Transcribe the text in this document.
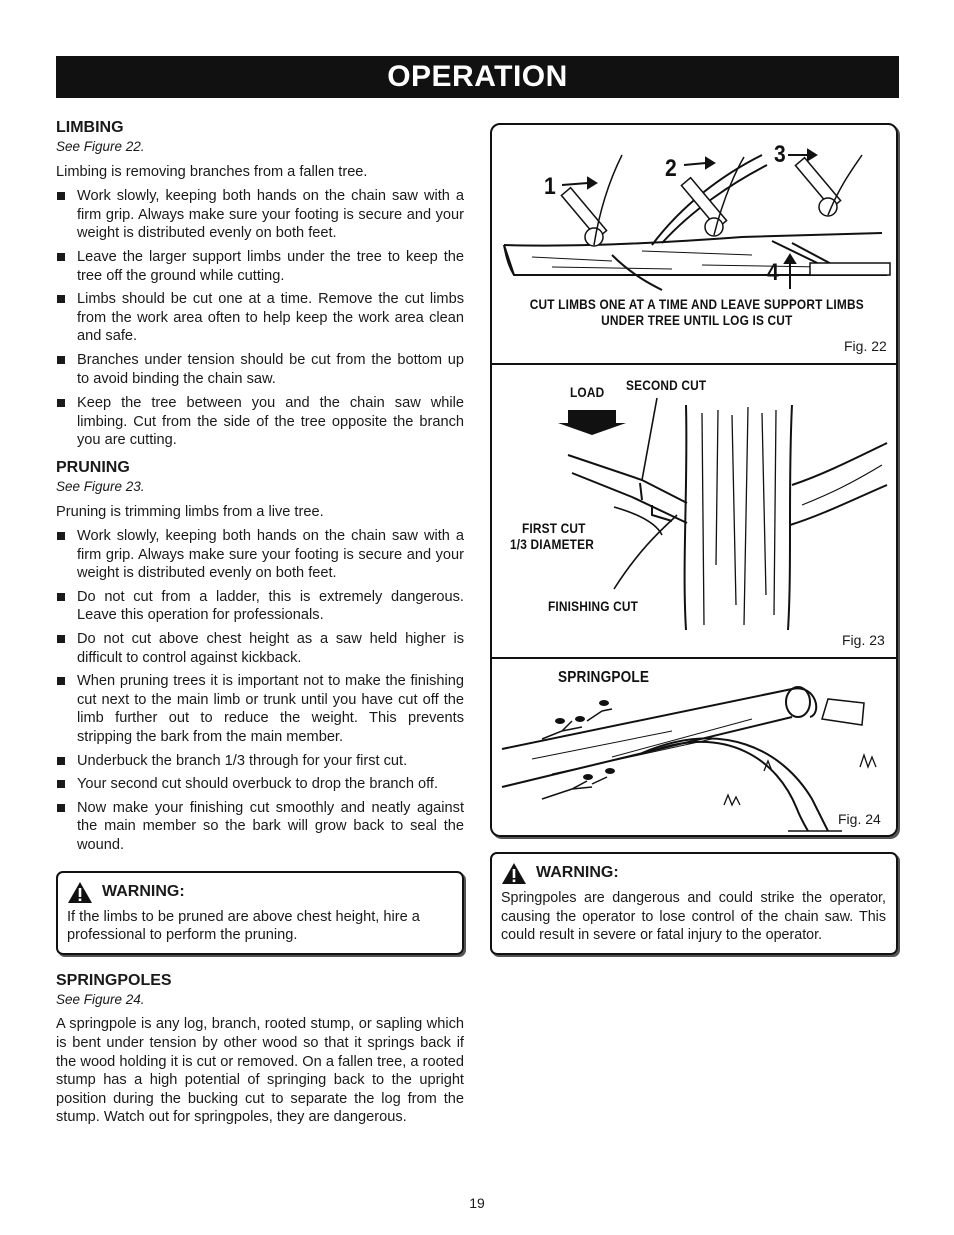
OPERATION
LIMBING
See Figure 22.

Limbing is removing branches from a fallen tree.

Work slowly, keeping both hands on the chain saw with a firm grip. Always make sure your footing is secure and your weight is distributed evenly on both feet.
Leave the larger support limbs under the tree to keep the tree off the ground while cutting.
Limbs should be cut one at a time. Remove the cut limbs from the work area often to help keep the work area clean and safe.
Branches under tension should be cut from the bottom up to avoid binding the chain saw.
Keep the tree between you and the chain saw while limbing. Cut from the side of the tree opposite the branch you are cutting.
PRUNING
See Figure 23.

Pruning is trimming limbs from a live tree.

Work slowly, keeping both hands on the chain saw with a firm grip. Always make sure your footing is secure and your weight is distributed evenly on both feet.
Do not cut from a ladder, this is extremely dangerous. Leave this operation for professionals.
Do not cut above chest height as a saw held higher is difficult to control against kickback.
When pruning trees it is important not to make the finishing cut next to the main limb or trunk until you have cut off the limb further out to reduce the weight. This prevents stripping the bark from the main member.
Underbuck the branch 1/3 through for your first cut.
Your second cut should overbuck to drop the branch off.
Now make your finishing cut smoothly and neatly against the main member so the bark will grow back to seal the wound.
WARNING:

If the limbs to be pruned are above chest height, hire a professional to perform the pruning.

SPRINGPOLES
See Figure 24.

A springpole is any log, branch, rooted stump, or sapling which is bent under tension by other wood so that it springs back if the wood holding it is cut or removed. On a fallen tree, a rooted stump has a high potential of springing back to the upright position during the bucking cut to separate the log from the stump. Watch out for springpoles, they are dangerous.

1
2
3
4
CUT LIMBS ONE AT A TIME AND LEAVE SUPPORT LIMBS UNDER TREE UNTIL LOG IS CUT
Fig. 22
LOAD SECOND CUT
FIRST CUT
1/3 DIAMETER
FINISHING CUT
Fig. 23
SPRINGPOLE
Fig. 24
WARNING:

Springpoles are dangerous and could strike the operator, causing the operator to lose control of the chain saw. This could result in severe or fatal injury to the operator.

19
